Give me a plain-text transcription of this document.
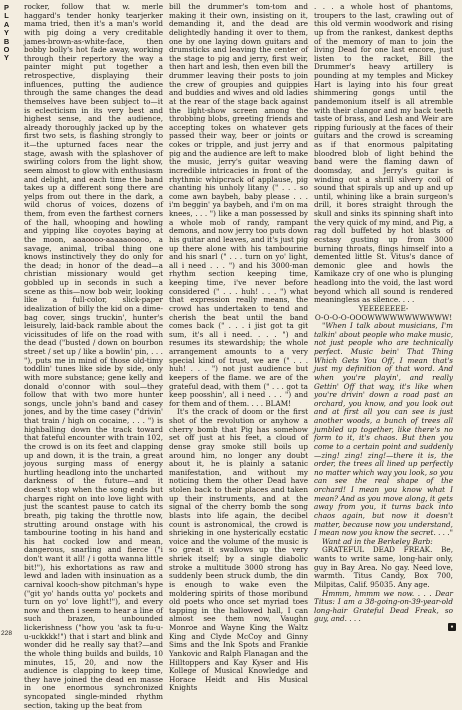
P
L
A
Y
B
O
Y
228

rocker, follow that w. merle haggard's tender honky tearjerker mama tried, then it's a man's world with pig doing a very creditable james-brown-as-white-face, then bobby bolly's hot fade away, working through their repertory the way a painter might put together a retrospective, displaying their influences, putting the audience through the same changes the dead themselves have been subject to—it is eclecticism in its very best and highest sense, and the audience, already thoroughly jacked up by the first two sets, is flashing strongly to it—the upturned faces near the stage, awash with the splashover of swirling colors from the light show, seem almost to glow with enthusiasm and delight, and each time the band takes up a different song there are yelps from out there in the dark, a wild chorus of voices, dozens of them, from even the farthest corners of the hall, whooping and howling and yipping like coyotes baying at the moon, aaaoooo-aaaaaooooo, a savage, animal, tribal thing one knows instinctively they do only for the dead; in honor of the dead—a christian missionary would get gobbled up in seconds in such a scene as this—now bob weir, looking like a full-color, slick-paper idealization of billy the kid on a dime-bag cover, sings truckin', hunter's leisurely, laid-back ramble about the vicissitudes of life on the road with the dead ("busted / down on bourbon street / set up / like a bowlin' pin, . . . "), puts me in mind of those old-timy toddlin' tunes like side by side, only with more substance; gene kelly and donald o'connor with soul—they follow that with two more hunter songs, uncle john's band and casey jones, and by the time casey ("drivin' that train / high on cocaine, . . . ") is highballing down the track toward that fateful encounter with train 102, the crowd is on its feet and clapping up and down, it is the train, a great joyous surging mass of energy hurtling headlong into the uncharted darkness of the future—and it doesn't stop when the song ends but charges right on into love light with just the scantest pause to catch its breath, pig taking the throttle now, strutting around onstage with his tambourine tooting in his hand and his hat cocked low and mean, dangerous, snarling and fierce ("i don't want it all! / i gotta wanna little bit!"), his exhortations as raw and lewd and laden with insinuation as a carnival kooch-show pitchman's hype ("git yo' hands outta yo' pockets and turn on yo' love light!"), and every now and then i seem to hear a line of such brazen, unbounded lickerishness ("how you 'ask ta fu-u-u-uckkkk!") that i start and blink and wonder did he really say that?—and the whole thing builds and builds, 10 minutes, 15, 20, and now the audience is clapping to keep time, they have joined the dead en masse in one enormous synchronized syncopated single-minded rhythm section, taking up the beat from

bill the drummer's tom-tom and making it their own, insisting on it, demanding it, and the dead are delightedly handing it over to them, one by one laying down guitars and drumsticks and leaving the center of the stage to pig and jerry, first weir, then hart and lesh, then even bill the drummer leaving their posts to join the crew of groupies and quippies and buddies and wives and old ladies at the rear of the stage back against the light-show screen among the throbbing blobs, greeting friends and accepting tokes on whatever gets passed their way, beer or joints or cokes or tripple, and just jerry and pig and the audience are left to make the music, jerry's guitar weaving incredible intricacies in front of the rhythmic whipcrack of applause, pig chanting his unholy litany (" . . . so come awn baybeh, baby please . . . i'm beggin' ya baybeh, and i'm on ma knees, . . . ") like a man possessed by a whole mob of randy, rampant demons, and now jerry too puts down his guitar and leaves, and it's just pig up there alone with his tambourine and his snarl (" . . . turn on yo' light, all i need . . . ") and his 3000-man rhythm section keeping time, keeping time, i've never before considered (" . . . huh! . . . ") what that expression really means, the crowd has undertaken to tend and cherish the beat until the band comes back (" . . . i jist got ta git sum, it's all i need. . . . ") and resumes its stewardship; the whole arrangement amounts to a very special kind of trust, we are (" . . . huh! . . . ") not just audience but keepers of the flame. we are of the grateful dead, with them (" . . . got ta keep poosshin', all i need . . . ") and for them and of them. . . . BLAM!

It's the crack of doom or the first shot of the revolution or anyhow a cherry bomb that Pig has somehow set off just at his feet, a cloud of dense gray smoke still boils up around him, no longer any doubt about it, he is plainly a satanic manifestation, and without my noticing them the other Dead have stolen back to their places and taken up their instruments, and at the signal of the cherry bomb the song blasts into life again, the decibel count is astronomical, the crowd is shrieking in one hysterically ecstatic voice and the volume of the music is so great it swallows up the very shriek itself; by a single diabolic stroke a multitude 3000 strong has suddenly been struck dumb, the din is enough to wake even the moldering spirits of those moribund old poets who once set myriad toes tapping in the hallowed hall, I can almost see them now, Vaughn Monroe and Wayne King the Waltz King and Clyde McCoy and Ginny Sims and the Ink Spots and Frankie Yankovic and Ralph Flanagan and the Hilltoppers and Kay Kyser and His Kollege of Musical Knowledge and Horace Heidt and His Musical Knights

. . . a whole host of phantoms, troupers to the last, crawling out of this old vermin woodwork and rising up from the rankest, dankest depths of the memory of man to join the living Dead for one last encore, just listen to the racket, Bill the Drummer's heavy artillery is pounding at my temples and Mickey Hart is laying into his four great shimmering gongs until the pandemonium itself is all atremble with their clangor and my back teeth taste of brass, and Lesh and Weir are ripping furiously at the faces of their guitars and the crowd is screaming as if that enormous palpitating bloodred blob of light behind the band were the flaming dawn of doomsday, and Jerry's guitar is winding out a shrill silvery coil of sound that spirals up and up and up until, whining like a brain surgeon's drill, it bores straight through the skull and sinks its spinning shaft into the very quick of my mind, and Pig, a rag doll buffeted by hot blasts of ecstasy gusting up from 3000 burning throats, flings himself into a demented little St. Vitus's dance of demonic glee and howls the Kamikaze cry of one who is plunging headlong into the void, the last word beyond which all sound is rendered meaningless as silence. . . .

YEEEEEEEE-

O-O-O-O-OOOWWWWWWWWWWW!

"When I talk about musicians, I'm talkin' about people who make music, not just people who are technically perfect. Music bein' That Thing Which Gets You Off, I mean that's just my definition of that word. And when you're playin', and really Gettin' Off that way, it's like when you're drivin' down a road past an orchard, you know, and you look out and at first all you can see is just another woods, a bunch of trees all jumbled up together, like there's no form to it, it's chaos. But then you come to a certain point and suddenly—zing! zing! zing!—there it is, the order, the trees all lined up perfectly no matter which way you look, so you can see the real shape of the orchard! I mean you know what I mean? And as you move along, it gets away from you, it turns back into chaos again, but now it doesn't matter, because now you understand, I mean now you know the secret. . . ."

Want ad in the Berkeley Barb:

GRATEFUL DEAD FREAK. Be, wants to write same, long-hair only, guy in Bay Area. No gay. Need love, warmth. Titus Candy, Box 700, Milpitas, Calif. 95035. Any age.

Hmmm, hmmm we now. . . . Dear Titus: I am a 38-going-on-39-year-old long-hair Grateful Dead Freak, so guy, and. . . .

●
